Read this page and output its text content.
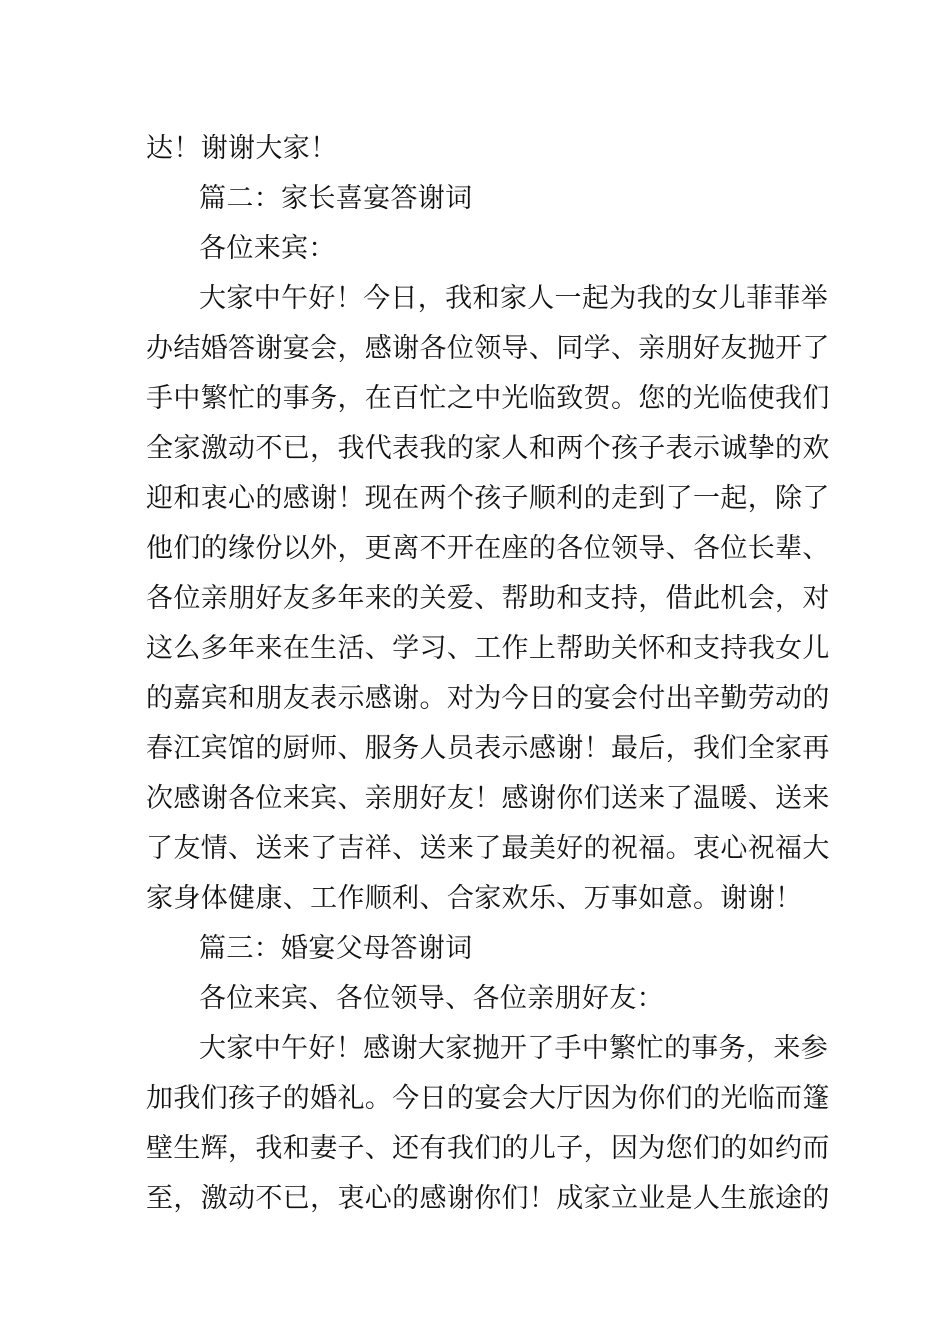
达！谢谢大家！
篇二：家长喜宴答谢词
各位来宾：
大家中午好！今日，我和家人一起为我的女儿菲菲举
办结婚答谢宴会，感谢各位领导、同学、亲朋好友抛开了
手中繁忙的事务，在百忙之中光临致贺。您的光临使我们
全家激动不已，我代表我的家人和两个孩子表示诚挚的欢
迎和衷心的感谢！现在两个孩子顺利的走到了一起，除了
他们的缘份以外，更离不开在座的各位领导、各位长辈、
各位亲朋好友多年来的关爱、帮助和支持，借此机会，对
这么多年来在生活、学习、工作上帮助关怀和支持我女儿
的嘉宾和朋友表示感谢。对为今日的宴会付出辛勤劳动的
春江宾馆的厨师、服务人员表示感谢！最后，我们全家再
次感谢各位来宾、亲朋好友！感谢你们送来了温暖、送来
了友情、送来了吉祥、送来了最美好的祝福。衷心祝福大
家身体健康、工作顺利、合家欢乐、万事如意。谢谢！
篇三：婚宴父母答谢词
各位来宾、各位领导、各位亲朋好友：
大家中午好！感谢大家抛开了手中繁忙的事务，来参
加我们孩子的婚礼。今日的宴会大厅因为你们的光临而篷
壁生辉，我和妻子、还有我们的儿子，因为您们的如约而
至，激动不已，衷心的感谢你们！成家立业是人生旅途的
